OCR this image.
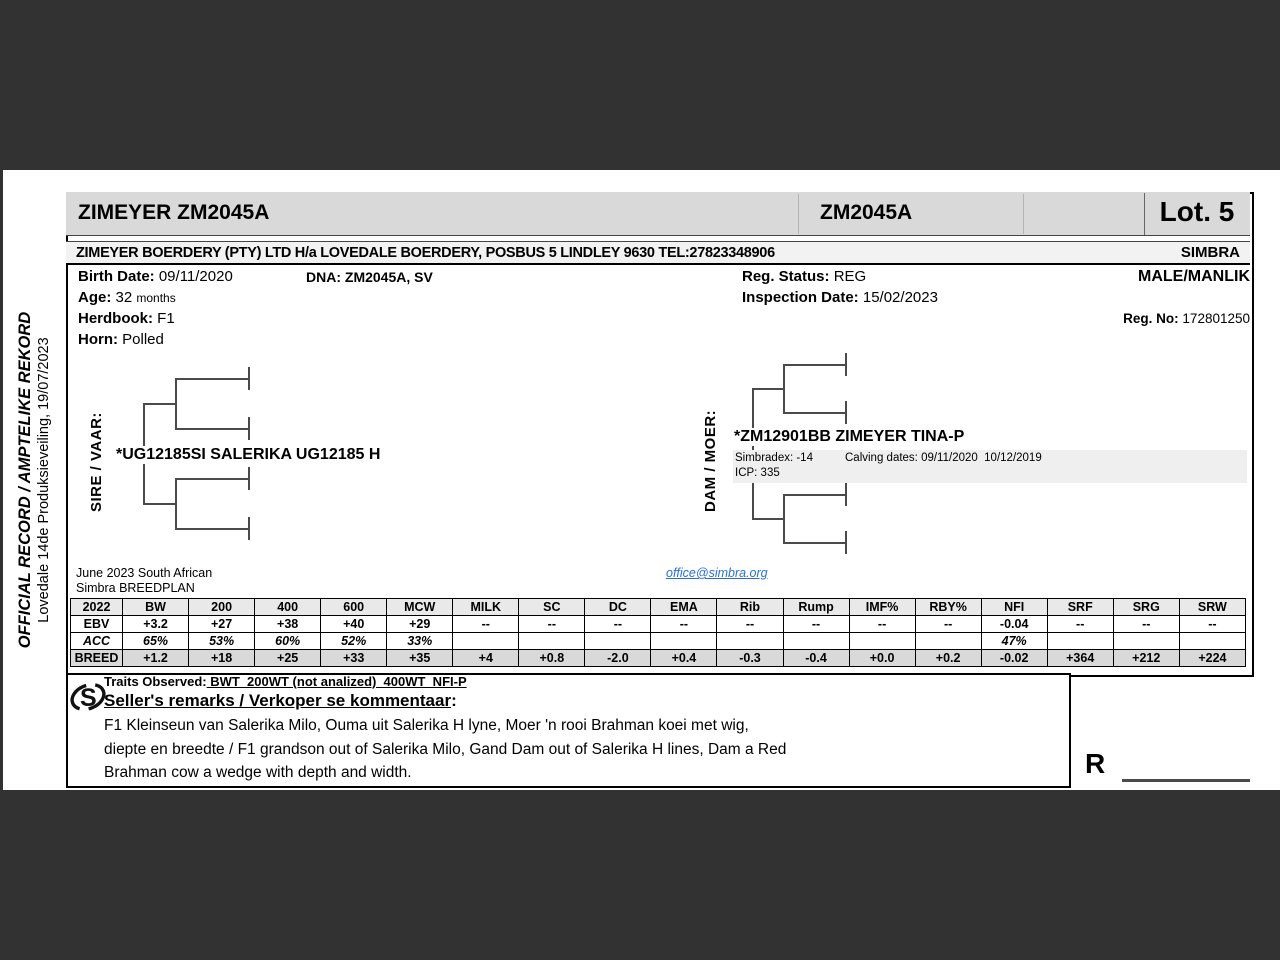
OFFICIAL RECORD / AMPTELIKE REKORD Lovedale 14de Produksieveiling, 19/07/2023
ZIMEYER ZM2045A	ZM2045A	Lot. 5
ZIMEYER BOERDERY (PTY) LTD H/a LOVEDALE BOERDERY, POSBUS 5 LINDLEY 9630 TEL:27823348906	SIMBRA
Birth Date: 09/11/2020	DNA: ZM2045A, SV
Age: 32 months
Herdbook: F1
Horn: Polled
Reg. Status: REG
Inspection Date: 15/02/2023
MALE/MANLIK
Reg. No: 172801250
SIRE / VAAR: *UG12185SI SALERIKA UG12185 H	DAM / MOER: *ZM12901BB ZIMEYER TINA-P
Simbradex: -14	Calving dates: 09/11/2020  10/12/2019
ICP: 335
June 2023 South African
Simbra BREEDPLAN
office@simbra.org
2022	BW	200	400	600	MCW	MILK	SC	DC	EMA	Rib	Rump	IMF%	RBY%	NFI	SRF	SRG	SRW
EBV	+3.2	+27	+38	+40	+29	--	--	--	--	--	--	--	--	-0.04	--	--	--
ACC	65%	53%	60%	52%	33%									47%			
BREED	+1.2	+18	+25	+33	+35	+4	+0.8	-2.0	+0.4	-0.3	-0.4	+0.0	+0.2	-0.02	+364	+212	+224
S
Traits Observed: BWT  200WT (not analized)  400WT  NFI-P
Seller's remarks / Verkoper se kommentaar:
F1 Kleinseun van Salerika Milo, Ouma uit Salerika H lyne, Moer 'n rooi Brahman koei met wig,
diepte en breedte / F1 grandson out of Salerika Milo, Gand Dam out of Salerika H lines, Dam a Red
Brahman cow a wedge with depth and width.	R
